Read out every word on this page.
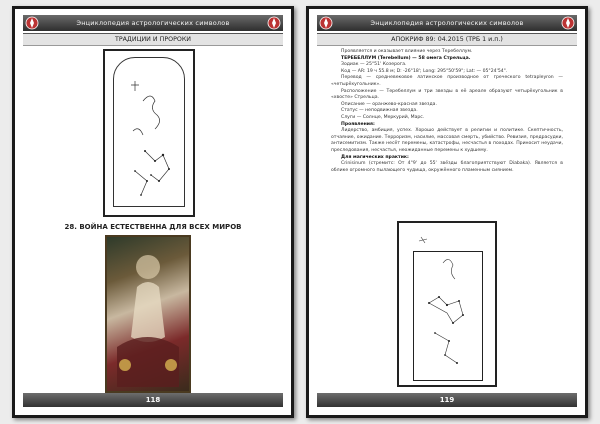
Энциклопедия астрологических символов
ТРАДИЦИИ И ПРОРОКИ
28. ВОЙНА ЕСТЕСТВЕННА ДЛЯ ВСЕХ МИРОВ
118
Энциклопедия астрологических символов
АПОКРИФ 89: 04.2015 (ТРБ 1 и.п.)

Проявляется и оказывает влияние через Теребеллум.

ТЕРЕБЕЛЛУМ (Terebellum) — 58 омега Стрельца.

Зодиак — 25°51' Козерога.

Код — AR: 19 ч 55.8 м; D: -26°18'; Long: 295°50'59"; Lat: — 05°24'54".

Перевод — средневековое латинское производное от греческого tetrapleyron — «четырёхугольник».

Расположение — Теребеллум и три звезды в её ареале образуют четырёхугольник в «хвосте» Стрельца.

Описание — оранжево-красная звезда.

Статус — неподвижная звезда.

Слуги — Солнце, Меркурий, Марс.

Проявления:

Лидерство, амбиция, успех. Хорошо действует в религии и политике. Скептичность, отчаяние, ожидание. Терроризм, насилие, массовая смерть, убийство. Ревизия, предрасудки, антисемитизм. Также несёт перемены, катастрофы, несчастья в походах. Приносит неудачи, преследования, несчастья, неожиданные перемены к худшему.

Для магических практик:

Crinisinum (стремитc: От 4°9' до 55' звёзды благоприятствуют Diabaka). Является в облике огромного пылающего чудища, окружённого пламенным сиянием.

119
